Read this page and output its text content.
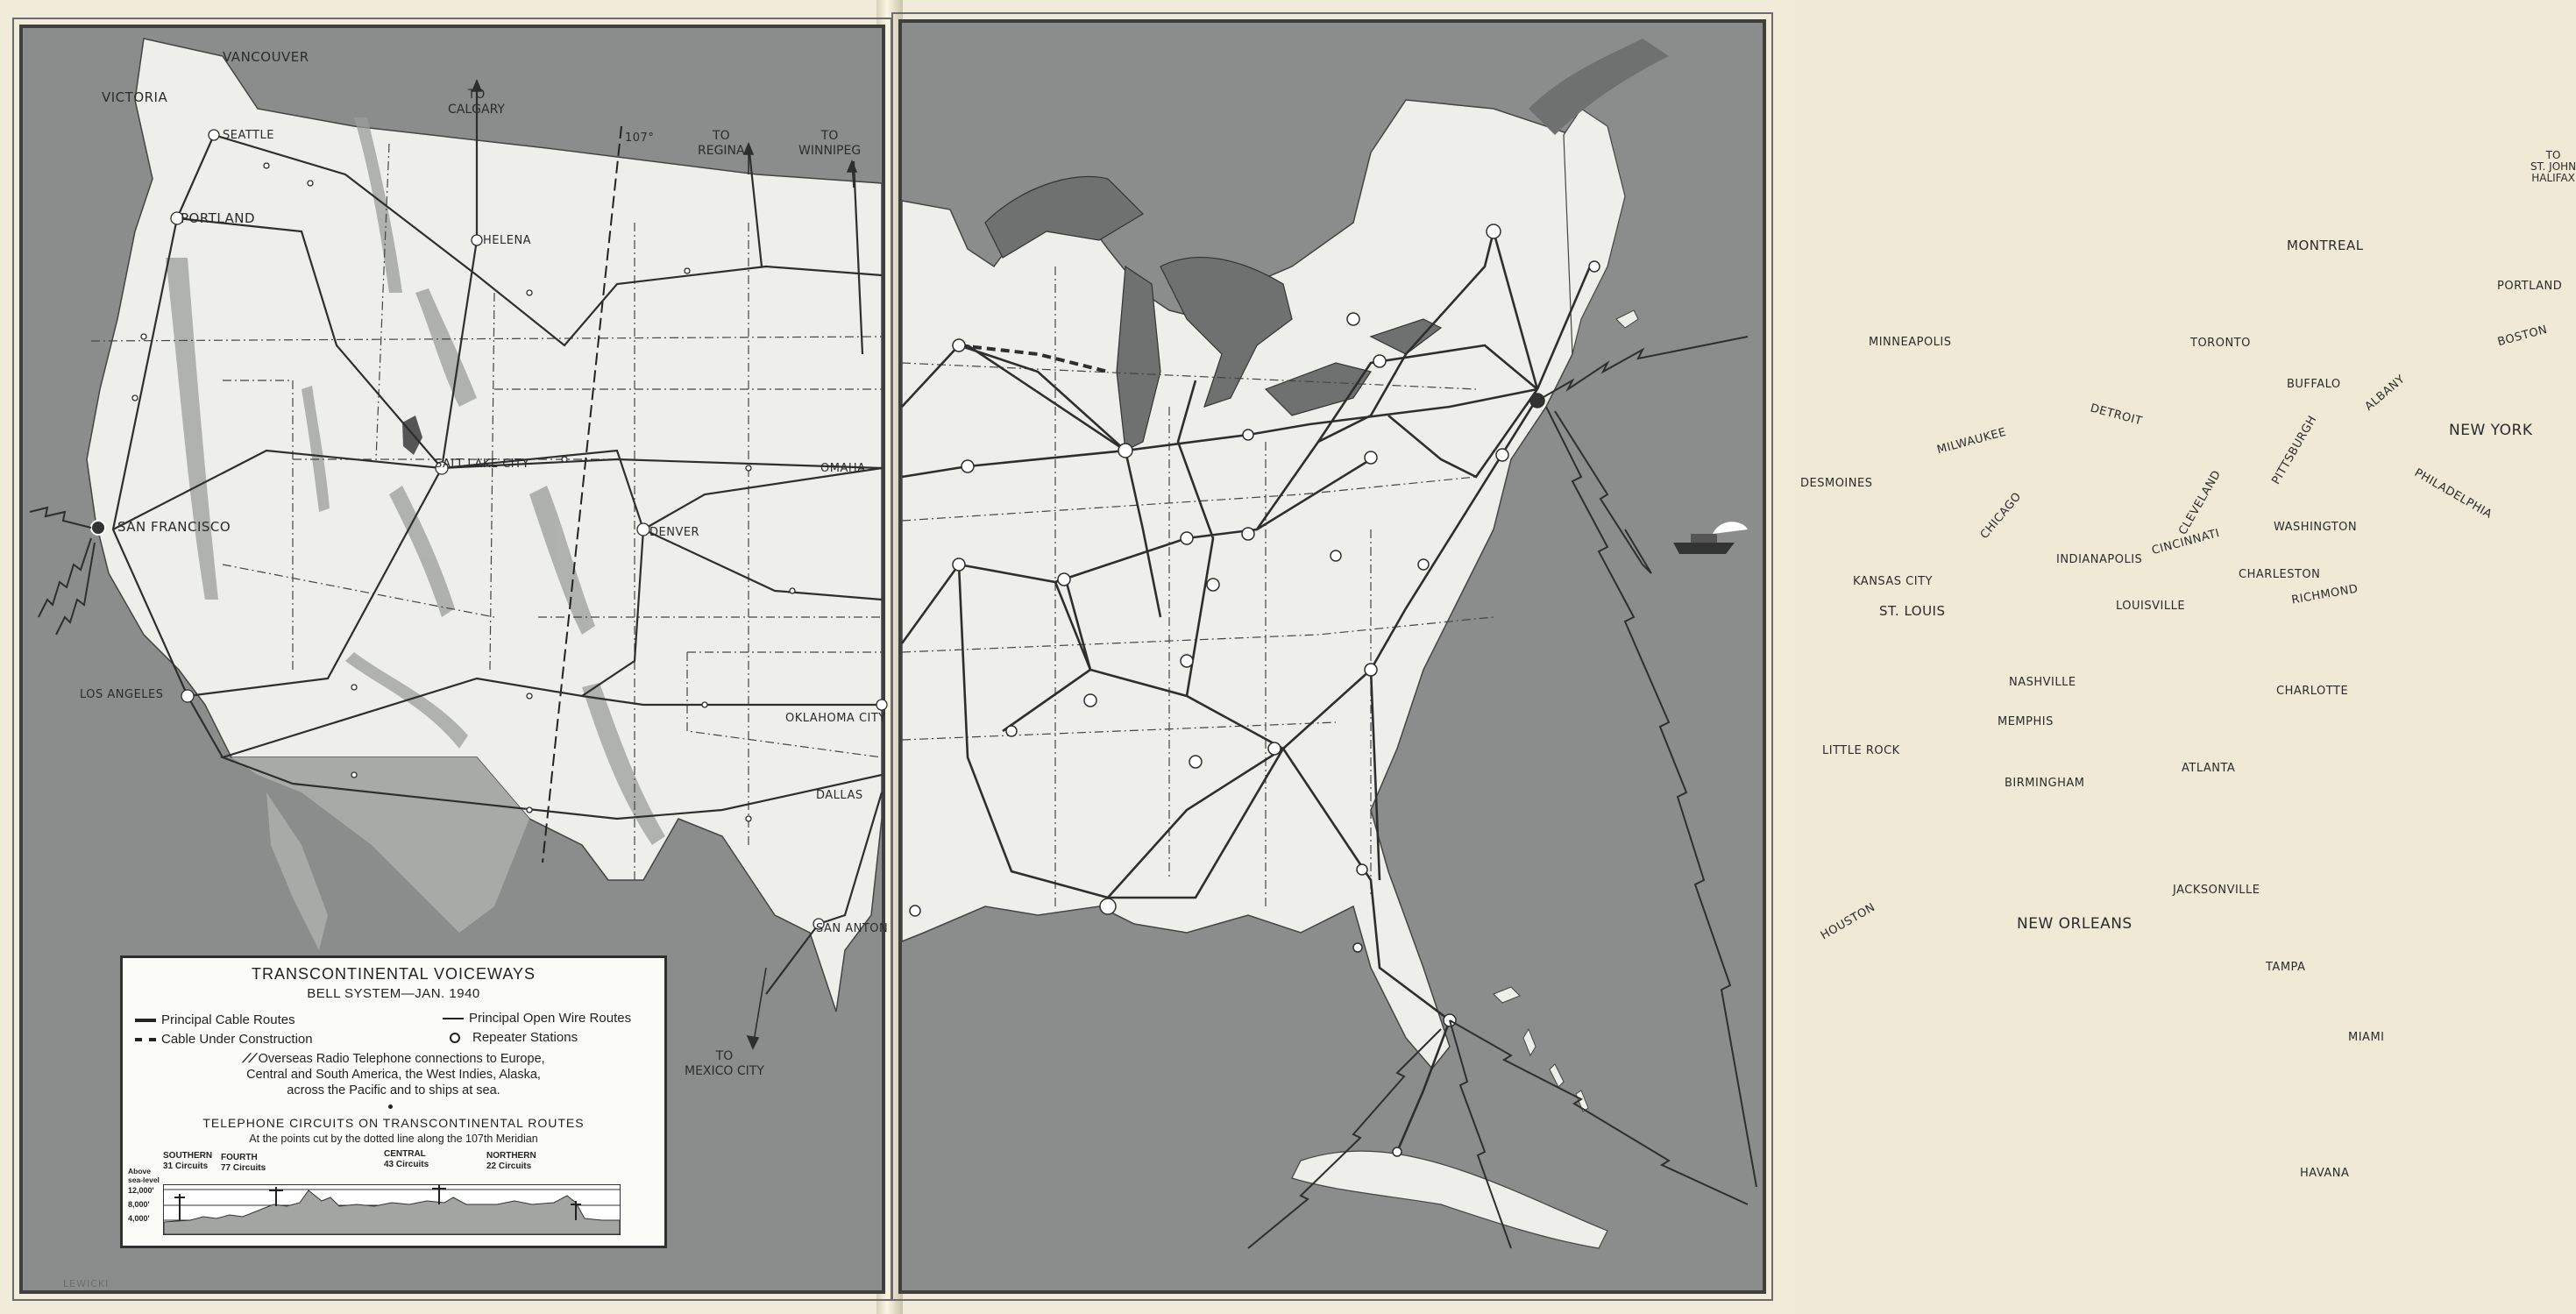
VANCOUVER
VICTORIA
SEATTLE
PORTLAND
HELENA
SALT LAKE CITY
SAN FRANCISCO
LOS ANGELES
DENVER
OMAHA
OKLAHOMA CITY
DALLAS
SAN ANTON
107°
TO
CALGARY
TO
REGINA
TO
WINNIPEG
TO
MEXICO CITY
MINNEAPOLIS
MILWAUKEE
CHICAGO
DETROIT
TORONTO
MONTREAL
PORTLAND
BOSTON
BUFFALO ALBANY
NEW YORK
PHILADELPHIA
PITTSBURGH
CLEVELAND	WASHINGTON
DESMOINES
KANSAS CITY
ST. LOUIS
INDIANAPOLIS
CINCINNATI
LOUISVILLE
CHARLESTON
RICHMOND
NASHVILLE
MEMPHIS
LITTLE ROCK
BIRMINGHAM
ATLANTA
CHARLOTTE
JACKSONVILLE
TAMPA
MIAMI
HAVANA
HOUSTON	NEW ORLEANS
TO
ST. JOHN
HALIFAX
TRANSCONTINENTAL VOICEWAYS
BELL SYSTEM—JAN. 1940
Principal Cable Routes
Cable Under Construction
Principal Open Wire Routes
Repeater Stations
⟋⟋ Overseas Radio Telephone connections to Europe,
Central and South America, the West Indies, Alaska,
across the Pacific and to ships at sea.
TELEPHONE CIRCUITS ON TRANSCONTINENTAL ROUTES
At the points cut by the dotted line along the 107th Meridian
SOUTHERN
31 Circuits
FOURTH
77 Circuits
CENTRAL
43 Circuits
NORTHERN
22 Circuits
Above
sea-level
12,000'
8,000'
4,000'
LEWICKI
